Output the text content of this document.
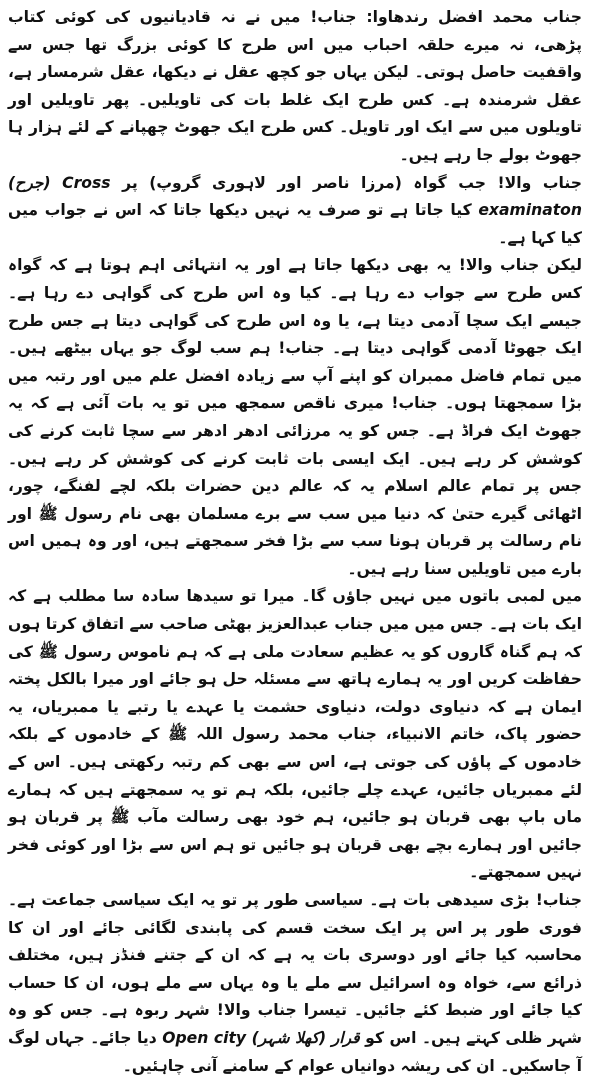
جناب محمد افضل رندھاوا: جناب! میں نے نہ قادیانیوں کی کوئی کتاب پڑھی، نہ میرے حلقہ احباب میں اس طرح کا کوئی بزرگ تھا جس سے واقفیت حاصل ہوتی۔ لیکن یہاں جو کچھ عقل نے دیکھا، عقل شرمسار ہے، عقل شرمندہ ہے۔ کس طرح ایک غلط بات کی تاویلیں۔ پھر تاویلیں اور تاویلوں میں سے ایک اور تاویل۔ کس طرح ایک جھوٹ چھپانے کے لئے ہزار ہا جھوٹ بولے جا رہے ہیں۔

جناب والا! جب گواہ (مرزا ناصر اور لاہوری گروپ) پر (جرح) Cross examinaton کیا جاتا ہے تو صرف یہ نہیں دیکھا جاتا کہ اس نے جواب میں کیا کہا ہے۔

لیکن جناب والا! یہ بھی دیکھا جاتا ہے اور یہ انتہائی اہم ہوتا ہے کہ گواہ کس طرح سے جواب دے رہا ہے۔ کیا وہ اس طرح کی گواہی دے رہا ہے۔ جیسے ایک سچا آدمی دیتا ہے، یا وہ اس طرح کی گواہی دیتا ہے جس طرح ایک جھوٹا آدمی گواہی دیتا ہے۔ جناب! ہم سب لوگ جو یہاں بیٹھے ہیں۔ میں تمام فاضل ممبران کو اپنے آپ سے زیادہ افضل علم میں اور رتبہ میں بڑا سمجھتا ہوں۔ جناب! میری ناقص سمجھ میں تو یہ بات آئی ہے کہ یہ جھوٹ ایک فراڈ ہے۔ جس کو یہ مرزائی ادھر ادھر سے سچا ثابت کرنے کی کوشش کر رہے ہیں۔ ایک ایسی بات ثابت کرنے کی کوشش کر رہے ہیں۔ جس پر تمام عالم اسلام یہ کہ عالم دین حضرات بلکہ لچے لفنگے، چور، اٹھائی گیرے حتیٰ کہ دنیا میں سب سے برے مسلمان بھی نام رسول ﷺ اور نام رسالت پر قربان ہونا سب سے بڑا فخر سمجھتے ہیں، اور وہ ہمیں اس بارے میں تاویلیں سنا رہے ہیں۔

میں لمبی باتوں میں نہیں جاؤں گا۔ میرا تو سیدھا سادہ سا مطلب ہے کہ ایک بات ہے۔ جس میں میں جناب عبدالعزیز بھٹی صاحب سے اتفاق کرتا ہوں کہ ہم گناہ گاروں کو یہ عظیم سعادت ملی ہے کہ ہم ناموس رسول ﷺ کی حفاظت کریں اور یہ ہمارے ہاتھ سے مسئلہ حل ہو جائے اور میرا بالکل پختہ ایمان ہے کہ دنیاوی دولت، دنیاوی حشمت یا عہدے یا رتبے یا ممبریاں، یہ حضور پاک، خاتم الانبیاء، جناب محمد رسول اللہ ﷺ کے خادموں کے بلکہ خادموں کے پاؤں کی جوتی ہے، اس سے بھی کم رتبہ رکھتی ہیں۔ اس کے لئے ممبریاں جائیں، عہدے چلے جائیں، بلکہ ہم تو یہ سمجھتے ہیں کہ ہمارے ماں باپ بھی قربان ہو جائیں، ہم خود بھی رسالت مآب ﷺ پر قربان ہو جائیں اور ہمارے بچے بھی قربان ہو جائیں تو ہم اس سے بڑا اور کوئی فخر نہیں سمجھتے۔

جناب! بڑی سیدھی بات ہے۔ سیاسی طور پر تو یہ ایک سیاسی جماعت ہے۔ فوری طور پر اس پر ایک سخت قسم کی پابندی لگائی جائے اور ان کا محاسبہ کیا جائے اور دوسری بات یہ ہے کہ ان کے جتنے فنڈز ہیں، مختلف ذرائع سے، خواہ وہ اسرائیل سے ملے یا وہ یہاں سے ملے ہوں، ان کا حساب کیا جائے اور ضبط کئے جائیں۔ تیسرا جناب والا! شہر ربوہ ہے۔ جس کو وہ شہر ظلی کہتے ہیں۔ اس کو Open city (کھلا شہر) قرار دیا جائے۔ جہاں لوگ آ جاسکیں۔ ان کی ریشہ دوانیاں عوام کے سامنے آنی چاہئیں۔
